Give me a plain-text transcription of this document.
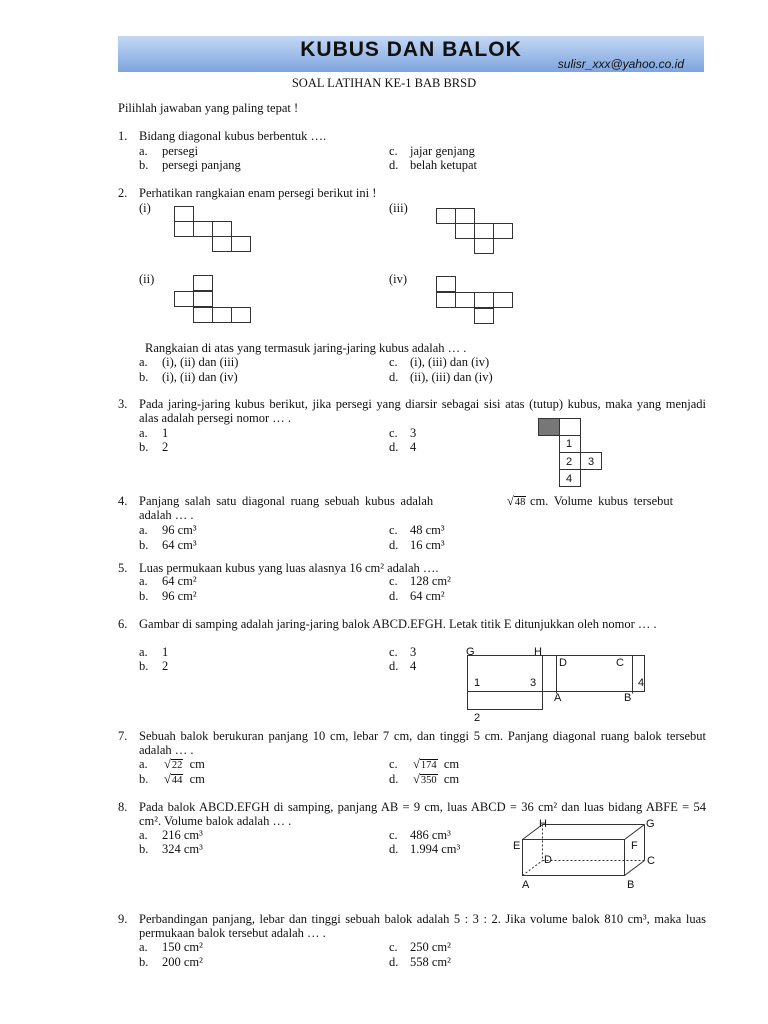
KUBUS DAN BALOK
sulisr_xxx@yahoo.co.id
SOAL LATIHAN KE-1 BAB BRSD
Pilihlah jawaban yang paling tepat !
1. Bidang diagonal kubus berbentuk ….
a. persegi
b. persegi panjang
c. jajar genjang
d. belah ketupat
2. Perhatikan rangkaian enam persegi berikut ini !
(i)	(iii)
(ii)	(iv)
Rangkaian di atas yang termasuk jaring-jaring kubus adalah … .
a. (i), (ii) dan (iii)
b. (i), (ii) dan (iv)
c. (i), (iii) dan (iv)
d. (ii), (iii) dan (iv)
3. Pada jaring-jaring kubus berikut, jika persegi yang diarsir sebagai sisi atas (tutup) kubus, maka yang menjadi alas adalah persegi nomor … .
a. 1
b. 2
c. 3
d. 4	1
2 3
4
4. Panjang salah satu diagonal ruang sebuah kubus adalah	√48 cm. Volume kubus tersebut
adalah … .
a. 96 cm³
b. 64 cm³
c. 48 cm³
d. 16 cm³
5. Luas permukaan kubus yang luas alasnya 16 cm² adalah ….
a. 64 cm²
b. 96 cm²
c. 128 cm²
d. 64 cm²
6. Gambar di samping adalah jaring-jaring balok ABCD.EFGH. Letak titik E ditunjukkan oleh nomor … .
a. 1
b. 2
c. 3
d. 4
G	H
D	C
1	3	4
A	B
2
7. Sebuah balok berukuran panjang 10 cm, lebar 7 cm, dan tinggi 5 cm. Panjang diagonal ruang balok tersebut adalah … .
a. √22 cm
b. √44 cm
c. √174 cm
d. √350 cm
8. Pada balok ABCD.EFGH di samping, panjang AB = 9 cm, luas ABCD = 36 cm² dan luas bidang ABFE = 54 cm². Volume balok adalah … .
a. 216 cm³
b. 324 cm³
c. 486 cm³
d. 1.994 cm³
H	G
E	F
D	C
A	B
9. Perbandingan panjang, lebar dan tinggi sebuah balok adalah 5 : 3 : 2. Jika volume balok 810 cm³, maka luas permukaan balok tersebut adalah … .
a. 150 cm²
b. 200 cm²
c. 250 cm²
d. 558 cm²
